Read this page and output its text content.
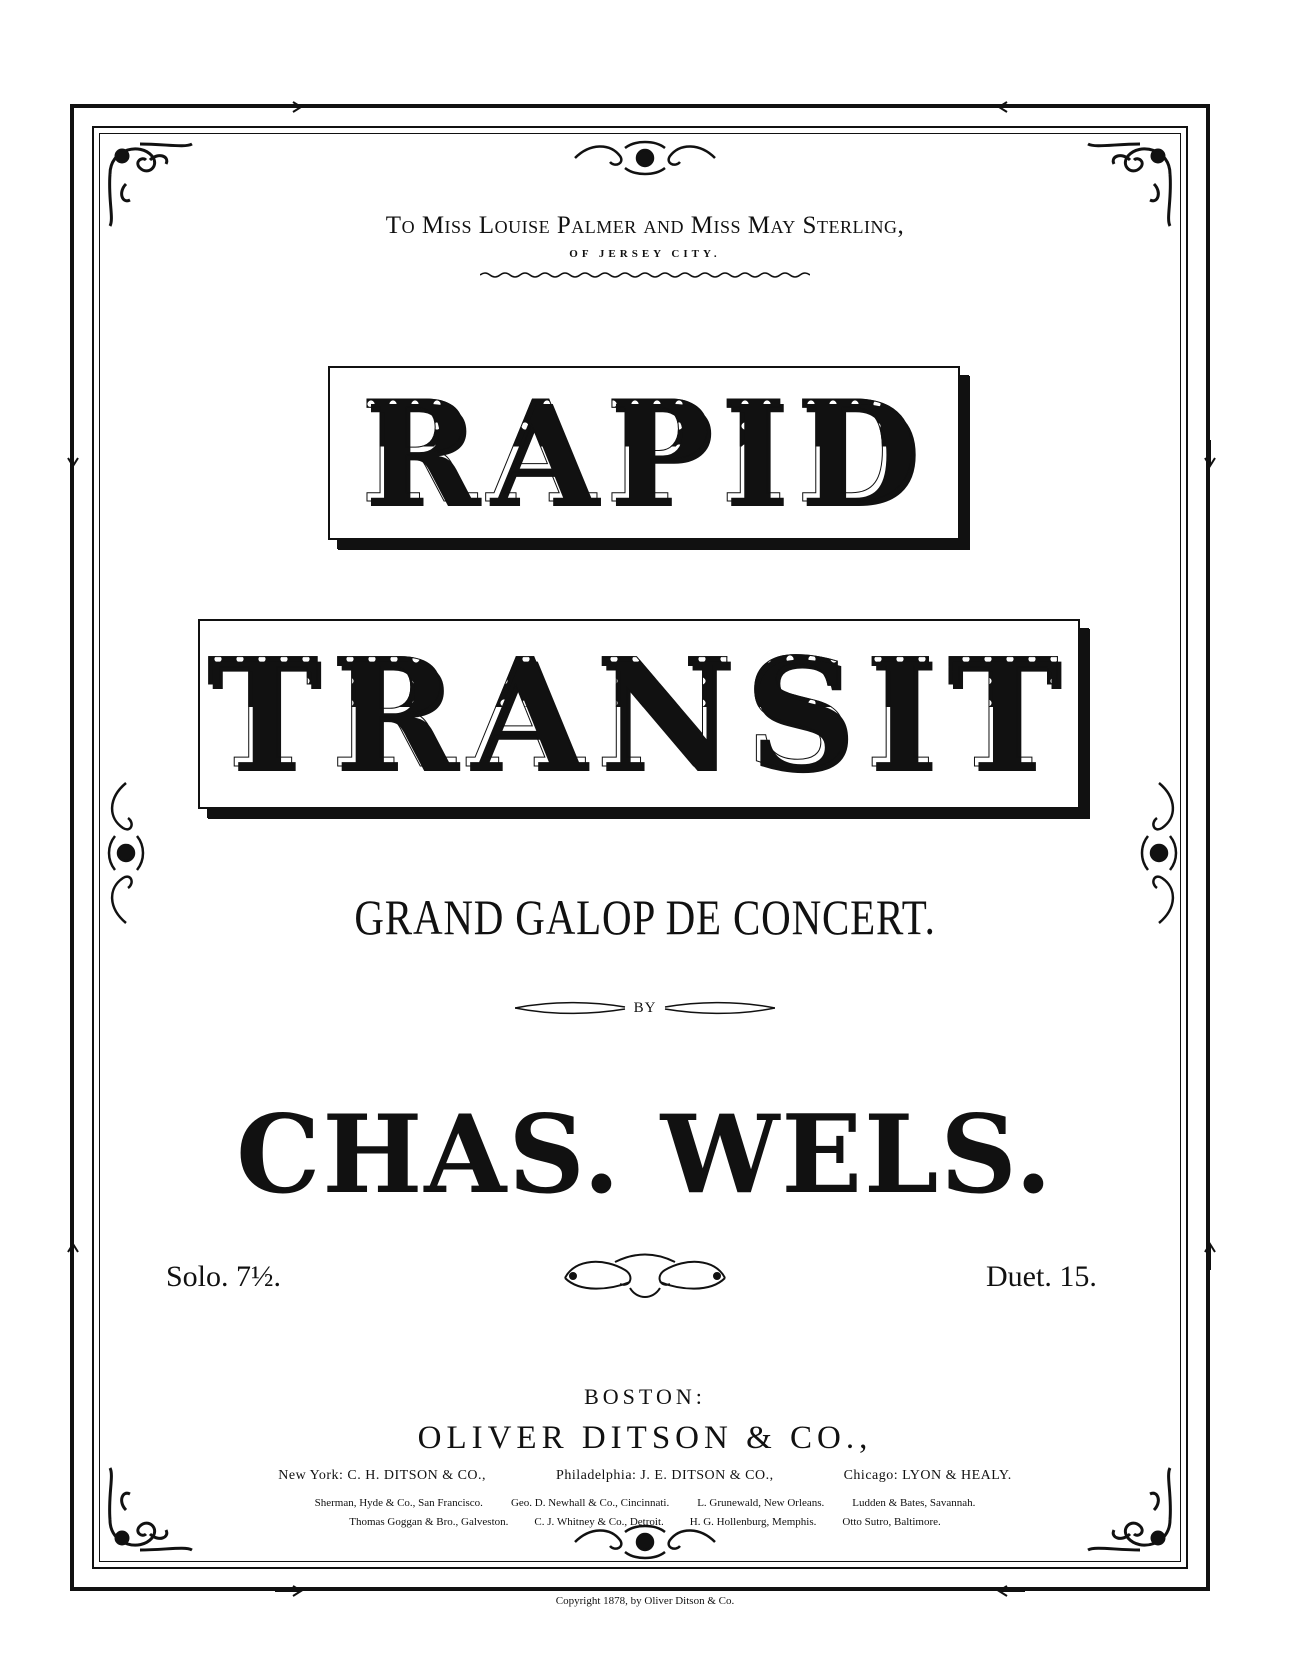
To Miss Louise Palmer and Miss May Sterling,
OF JERSEY CITY.
RAPID
TRANSIT
GRAND GALOP DE CONCERT.
BY
CHAS. WELS.
Solo. 7½.	Duet. 15.
BOSTON:
OLIVER DITSON & CO.,
New York: C. H. DITSON & CO.,	Philadelphia: J. E. DITSON & CO.,	Chicago: LYON & HEALY.
Sherman, Hyde & Co., San Francisco.	Geo. D. Newhall & Co., Cincinnati.	L. Grunewald, New Orleans.	Ludden & Bates, Savannah.
Thomas Goggan & Bro., Galveston. C. J. Whitney & Co., Detroit. H. G. Hollenburg, Memphis. Otto Sutro, Baltimore.
Copyright 1878, by Oliver Ditson & Co.
